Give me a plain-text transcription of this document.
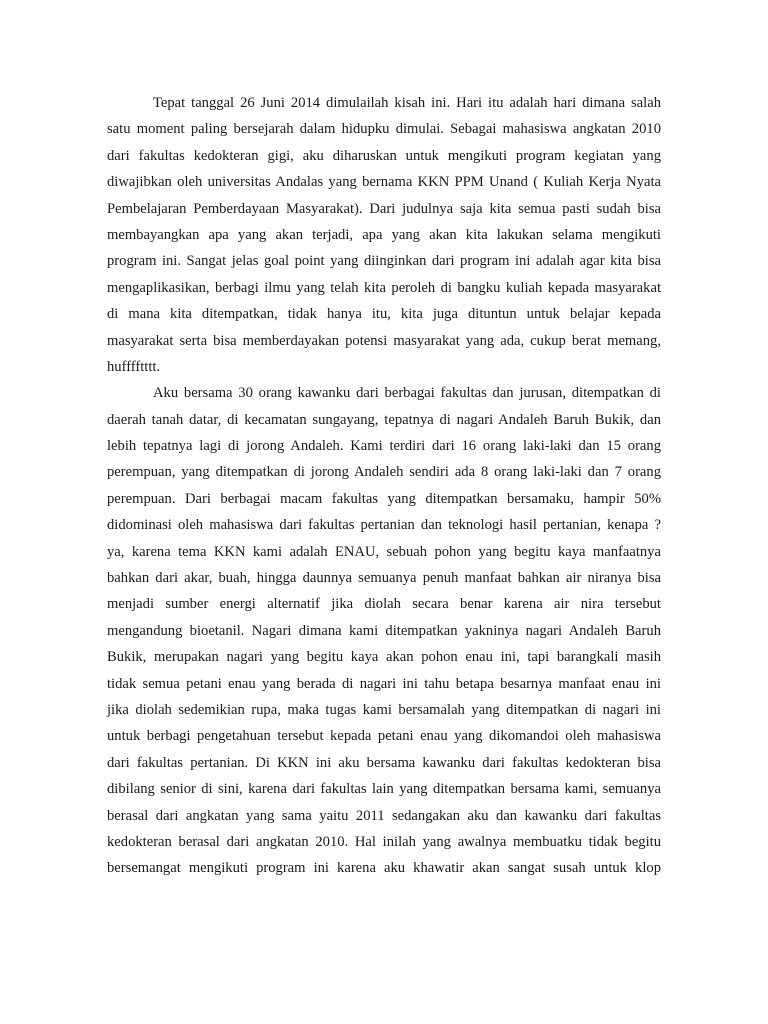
Tepat tanggal 26 Juni 2014 dimulailah kisah ini. Hari itu adalah hari dimana salah
satu moment paling bersejarah dalam hidupku dimulai. Sebagai mahasiswa angkatan 2010
dari fakultas kedokteran gigi, aku diharuskan untuk mengikuti program kegiatan yang
diwajibkan oleh universitas Andalas yang bernama KKN PPM Unand ( Kuliah Kerja Nyata
Pembelajaran Pemberdayaan Masyarakat). Dari judulnya saja kita semua pasti sudah bisa
membayangkan apa yang akan terjadi, apa yang akan kita lakukan selama mengikuti
program ini. Sangat jelas goal point yang diinginkan dari program ini adalah agar kita bisa
mengaplikasikan, berbagi ilmu yang telah kita peroleh di bangku kuliah kepada masyarakat
di mana kita ditempatkan, tidak hanya itu, kita juga dituntun untuk belajar kepada
masyarakat serta bisa memberdayakan potensi masyarakat yang ada, cukup berat memang,
hufffftttt.
Aku bersama 30 orang kawanku dari berbagai fakultas dan jurusan, ditempatkan di
daerah tanah datar, di kecamatan sungayang, tepatnya di nagari Andaleh Baruh Bukik, dan
lebih tepatnya lagi di jorong Andaleh. Kami terdiri dari 16 orang laki-laki dan 15 orang
perempuan, yang ditempatkan di jorong Andaleh sendiri ada 8 orang laki-laki dan 7 orang
perempuan. Dari berbagai macam fakultas yang ditempatkan bersamaku, hampir 50%
didominasi oleh mahasiswa dari fakultas pertanian dan teknologi hasil pertanian, kenapa ?
ya, karena tema KKN kami adalah ENAU, sebuah pohon yang begitu kaya manfaatnya
bahkan dari akar, buah, hingga daunnya semuanya penuh manfaat bahkan air niranya bisa
menjadi sumber energi alternatif jika diolah secara benar karena air nira tersebut
mengandung bioetanil. Nagari dimana kami ditempatkan yakninya nagari Andaleh Baruh
Bukik, merupakan nagari yang begitu kaya akan pohon enau ini, tapi barangkali masih
tidak semua petani enau yang berada di nagari ini tahu betapa besarnya manfaat enau ini
jika diolah sedemikian rupa, maka tugas kami bersamalah yang ditempatkan di nagari ini
untuk berbagi pengetahuan tersebut kepada petani enau yang dikomandoi oleh mahasiswa
dari fakultas pertanian. Di KKN ini aku bersama kawanku dari fakultas kedokteran bisa
dibilang senior di sini, karena dari fakultas lain yang ditempatkan bersama kami, semuanya
berasal dari angkatan yang sama yaitu 2011 sedangakan aku dan kawanku dari fakultas
kedokteran berasal dari angkatan 2010. Hal inilah yang awalnya membuatku tidak begitu
bersemangat mengikuti program ini karena aku khawatir akan sangat susah untuk klop
